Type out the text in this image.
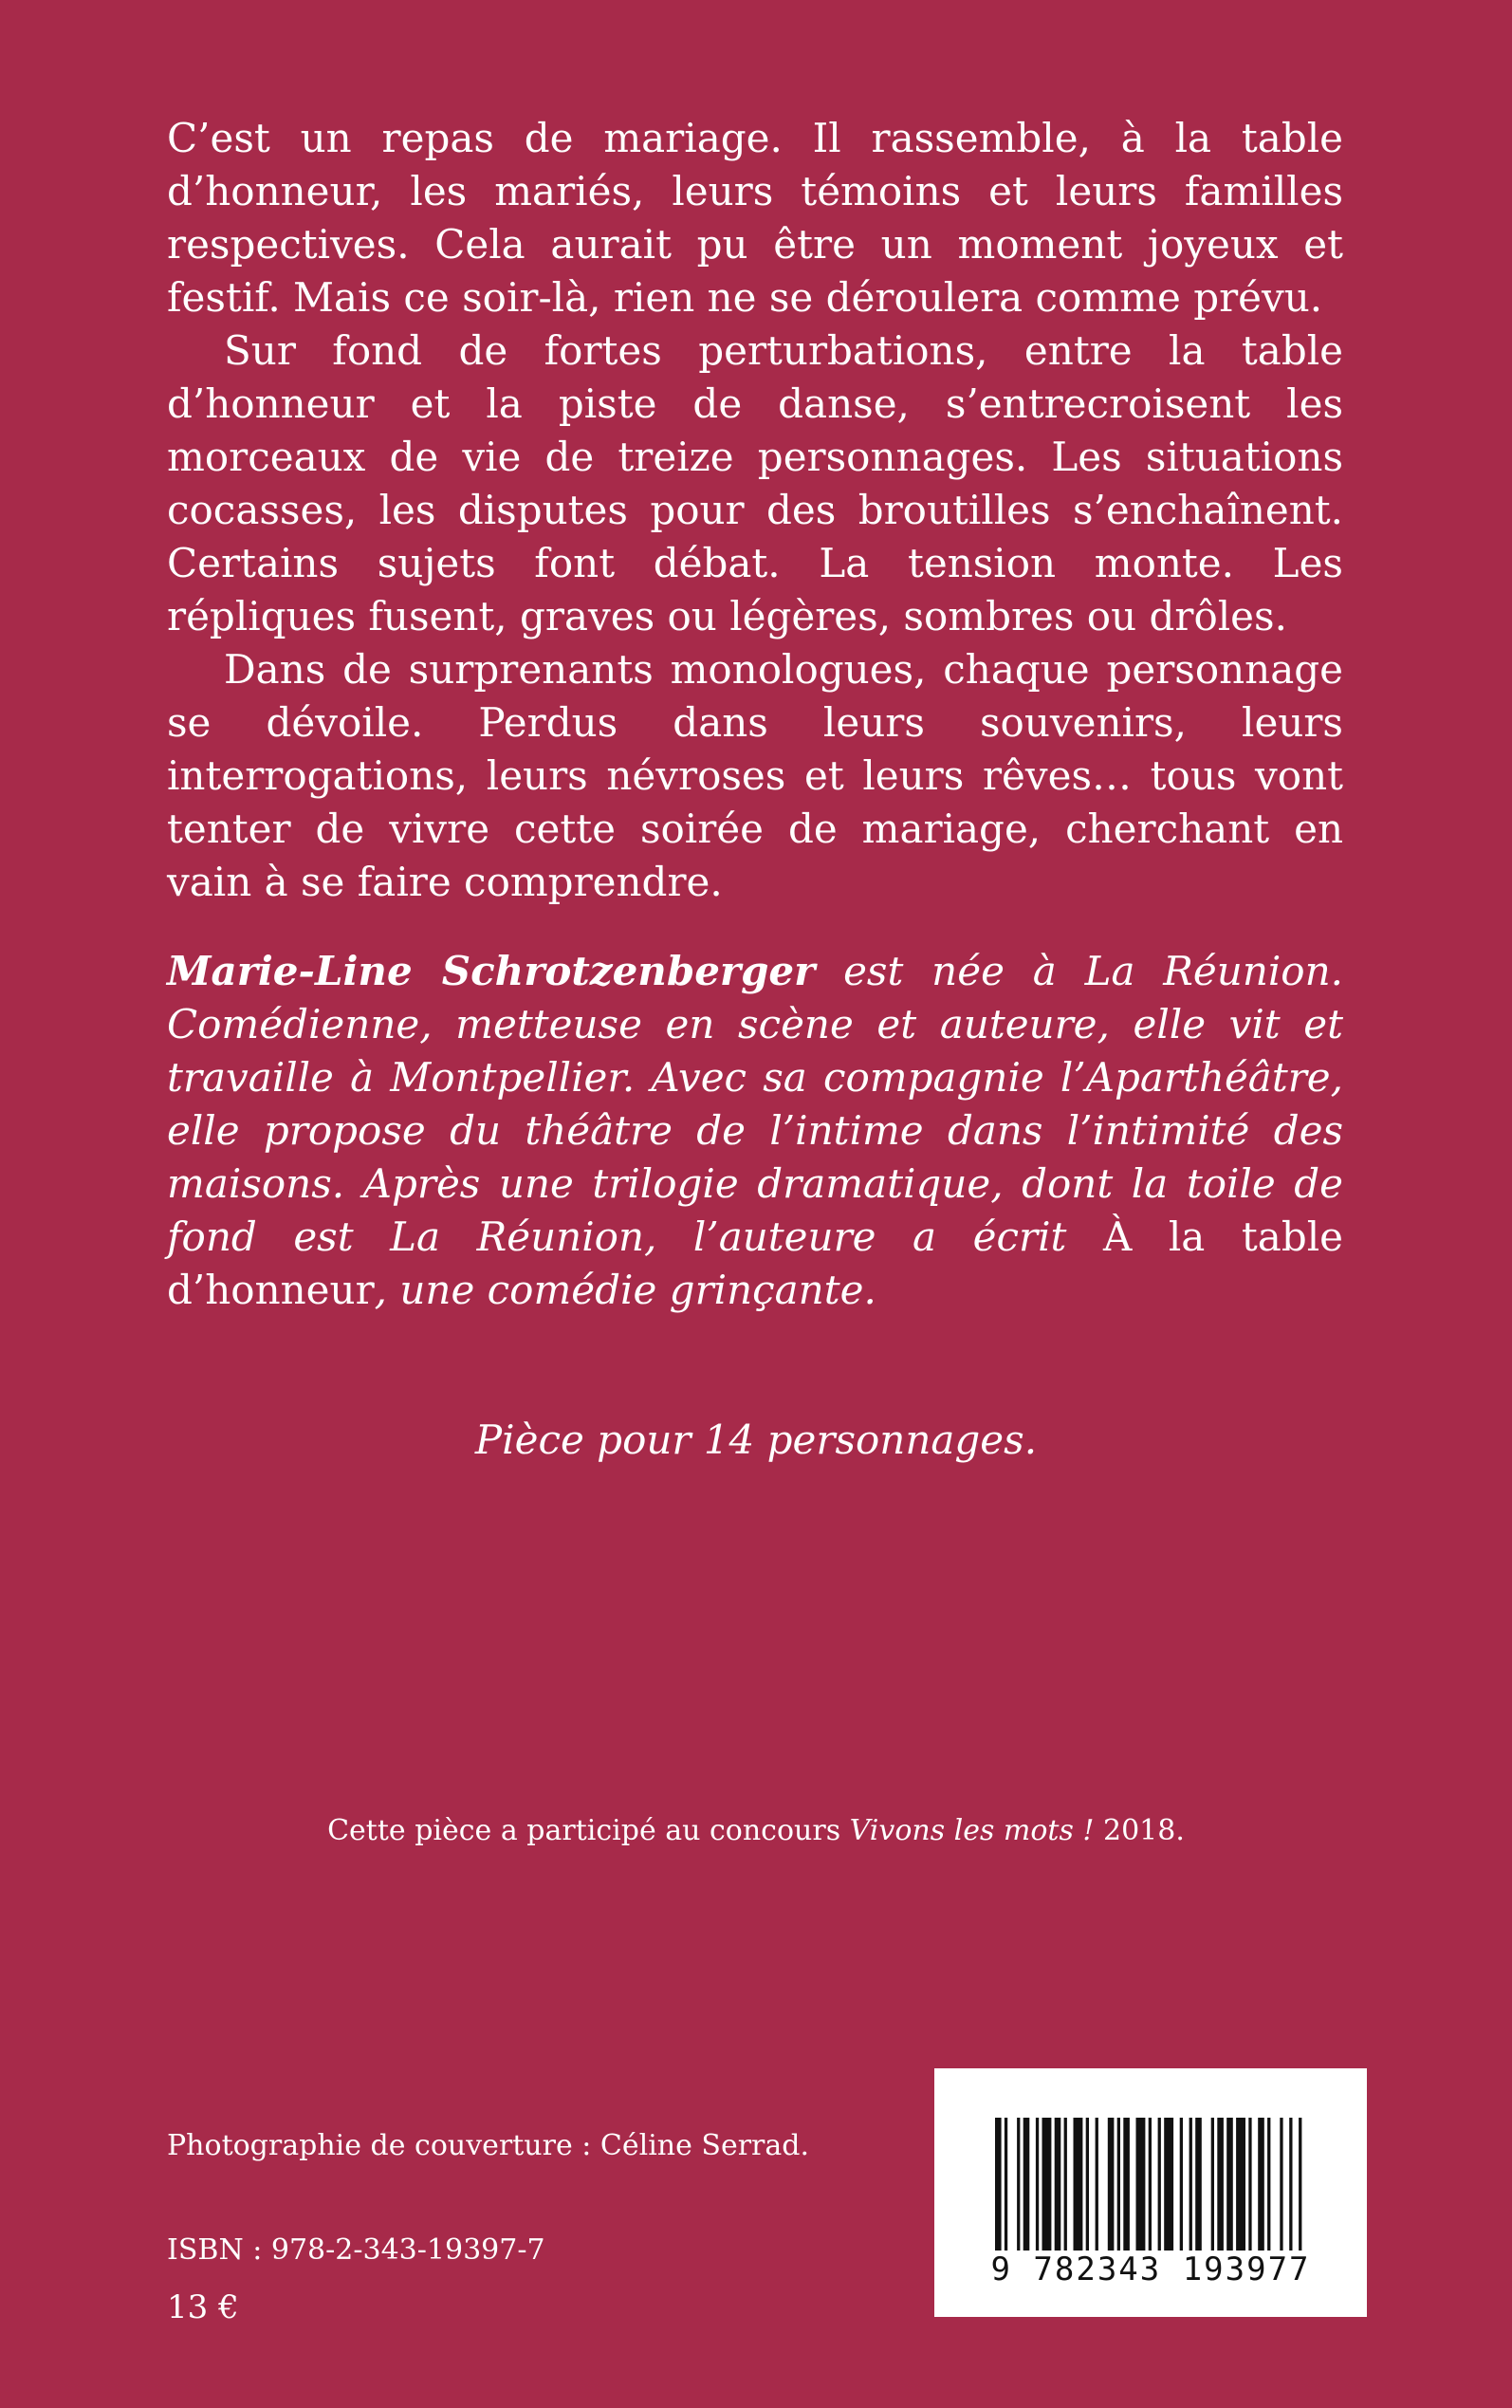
C’est un repas de mariage. Il rassemble, à la table d’honneur, les mariés, leurs témoins et leurs familles respectives. Cela aurait pu être un moment joyeux et festif. Mais ce soir-là, rien ne se déroulera comme prévu.

Sur fond de fortes perturbations, entre la table d’honneur et la piste de danse, s’entrecroisent les morceaux de vie de treize personnages. Les situations cocasses, les disputes pour des broutilles s’enchaînent. Certains sujets font débat. La tension monte. Les répliques fusent, graves ou légères, sombres ou drôles.

Dans de surprenants monologues, chaque personnage se dévoile. Perdus dans leurs souvenirs, leurs interrogations, leurs névroses et leurs rêves… tous vont tenter de vivre cette soirée de mariage, cherchant en vain à se faire comprendre.

Marie-Line Schrotzenberger est née à La Réunion. Comédienne, metteuse en scène et auteure, elle vit et travaille à Montpellier. Avec sa compagnie l’Aparthéâtre, elle propose du théâtre de l’intime dans l’intimité des maisons. Après une trilogie dramatique, dont la toile de fond est La Réunion, l’auteure a écrit À la table d’honneur, une comédie grinçante.

Pièce pour 14 personnages.
Cette pièce a participé au concours Vivons les mots ! 2018.
Photographie de couverture : Céline Serrad.
ISBN : 978-2-343-19397-7
13 €
9 782343 193977
